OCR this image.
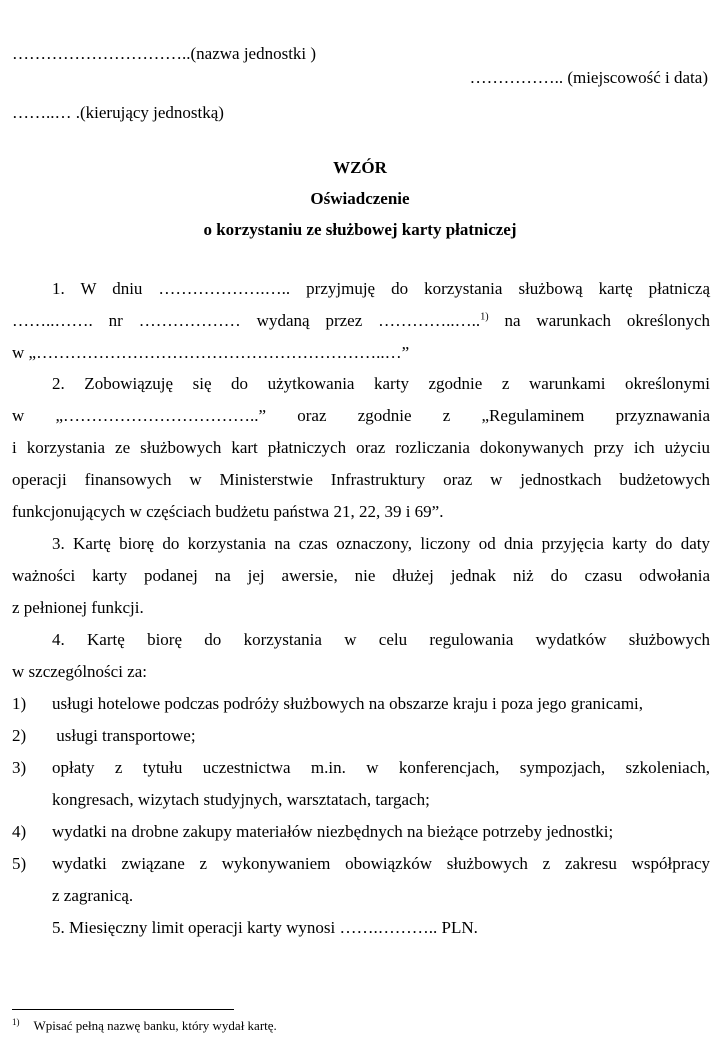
…………………………..(nazwa jednostki )
…………….. (miejscowość i data)
……..… .(kierujący jednostką)
WZÓR
Oświadczenie
o korzystaniu ze służbowej karty płatniczej
1. W dniu ……………….….. przyjmuję do korzystania służbową kartę płatniczą
……..……. nr ……………… wydaną przez …………..…..$^{1)}$ na warunkach określonych
w „……………………………………………………..…”
2. Zobowiązuję się do użytkowania karty zgodnie z warunkami określonymi
w „……………………………..” oraz zgodnie z „Regulaminem przyznawania
i korzystania ze służbowych kart płatniczych oraz rozliczania dokonywanych przy ich użyciu
operacji finansowych w Ministerstwie Infrastruktury oraz w jednostkach budżetowych
funkcjonujących w częściach budżetu państwa 21, 22, 39 i 69”.
3. Kartę biorę do korzystania na czas oznaczony, liczony od dnia przyjęcia karty do daty
ważności karty podanej na jej awersie, nie dłużej jednak niż do czasu odwołania
z pełnionej funkcji.
4. Kartę biorę do korzystania w celu regulowania wydatków służbowych
w szczególności za:
1) usługi hotelowe podczas podróży służbowych na obszarze kraju i poza jego granicami,
2) usługi transportowe;
3) opłaty z tytułu uczestnictwa m.in. w konferencjach, sympozjach, szkoleniach,
kongresach, wizytach studyjnych, warsztatach, targach;
4) wydatki na drobne zakupy materiałów niezbędnych na bieżące potrzeby jednostki;
5) wydatki związane z wykonywaniem obowiązków służbowych z zakresu współpracy
z zagranicą.
5. Miesięczny limit operacji karty wynosi …….……….. PLN.
$^{1)}$ Wpisać pełną nazwę banku, który wydał kartę.
